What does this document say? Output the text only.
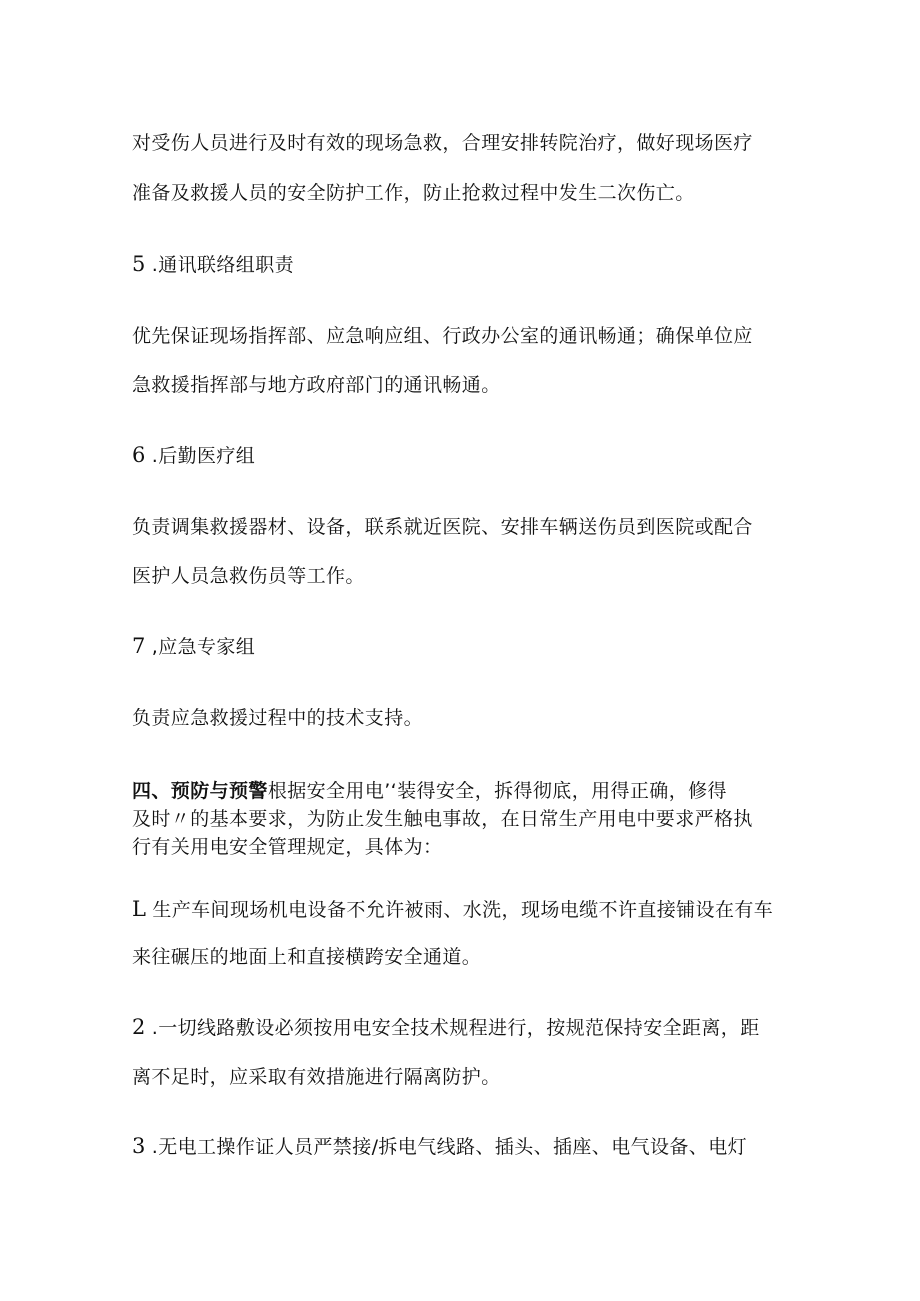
对受伤人员进行及时有效的现场急救，合理安排转院治疗，做好现场医疗
准备及救援人员的安全防护工作，防止抢救过程中发生二次伤亡。
5 .通讯联络组职责
优先保证现场指挥部、应急响应组、行政办公室的通讯畅通；确保单位应
急救援指挥部与地方政府部门的通讯畅通。
6 .后勤医疗组
负责调集救援器材、设备，联系就近医院、安排车辆送伤员到医院或配合
医护人员急救伤员等工作。
7 ,应急专家组
负责应急救援过程中的技术支持。
四、预防与预警根据安全用电’‘装得安全，拆得彻底，用得正确，修得
及时〃的基本要求，为防止发生触电事故，在日常生产用电中要求严格执
行有关用电安全管理规定，具体为：
L 生产车间现场机电设备不允许被雨、水洗，现场电缆不许直接铺设在有车
来往碾压的地面上和直接横跨安全通道。
2 .一切线路敷设必须按用电安全技术规程进行，按规范保持安全距离，距
离不足时，应采取有效措施进行隔离防护。
3 .无电工操作证人员严禁接/拆电气线路、插头、插座、电气设备、电灯
